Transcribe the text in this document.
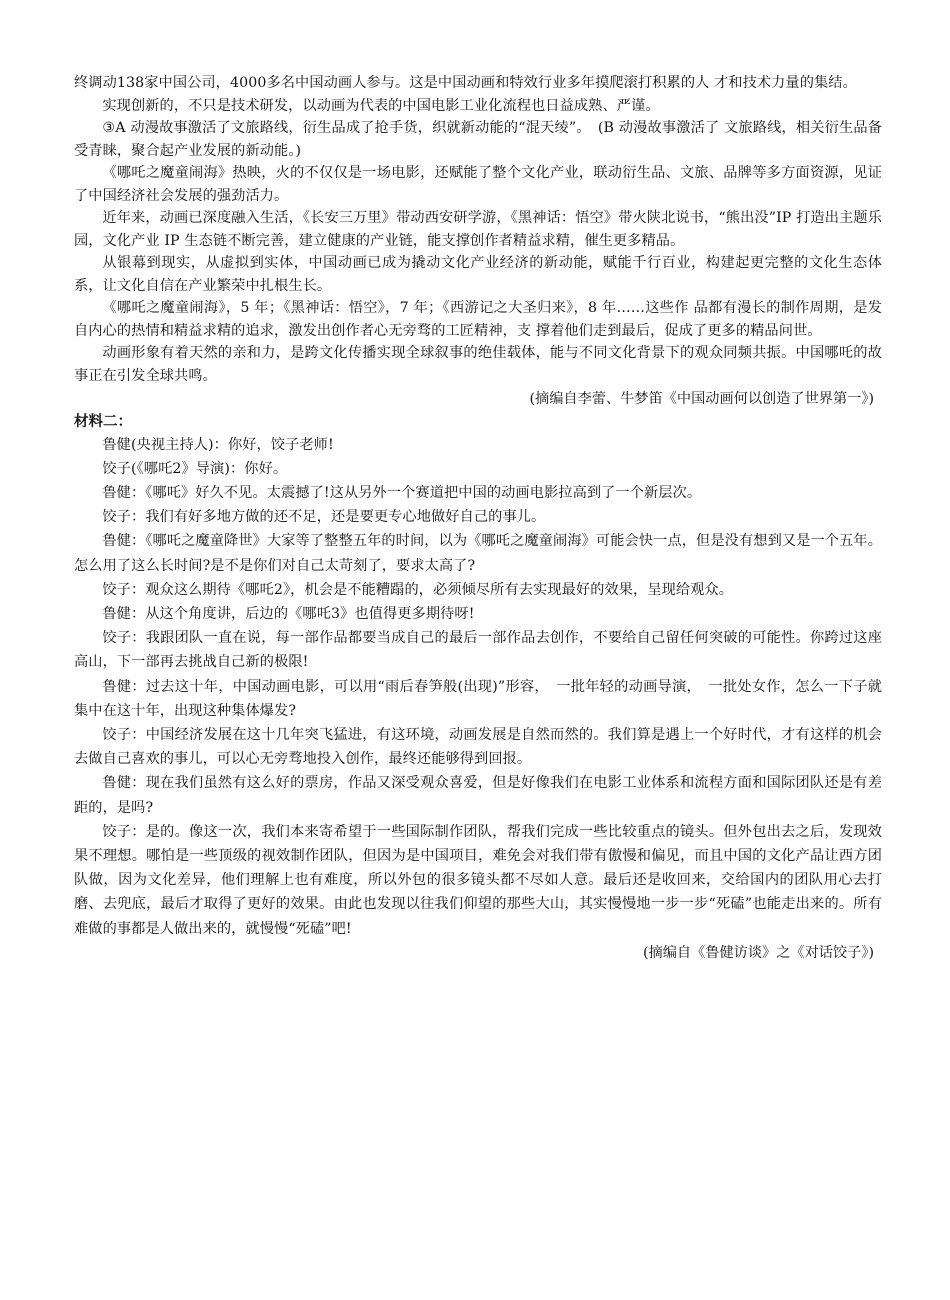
终调动138家中国公司，4000多名中国动画人参与。这是中国动画和特效行业多年摸爬滚打积累的人 才和技术力量的集结。

实现创新的，不只是技术研发，以动画为代表的中国电影工业化流程也日益成熟、严谨。

③A 动漫故事激活了文旅路线，衍生品成了抢手货，织就新动能的“混天绫”。　(B 动漫故事激活了 文旅路线，相关衍生品备受青睐，聚合起产业发展的新动能。)

《哪吒之魔童闹海》热映，火的不仅仅是一场电影，还赋能了整个文化产业，联动衍生品、文旅、品牌等多方面资源，见证了中国经济社会发展的强劲活力。

近年来，动画已深度融入生活，《长安三万里》带动西安研学游，《黑神话：悟空》带火陕北说书，“熊出没”IP 打造出主题乐园，文化产业 IP 生态链不断完善，建立健康的产业链，能支撑创作者精益求精，催生更多精品。

从银幕到现实，从虚拟到实体，中国动画已成为撬动文化产业经济的新动能，赋能千行百业，构建起更完整的文化生态体系，让文化自信在产业繁荣中扎根生长。

《哪吒之魔童闹海》，5 年；《黑神话：悟空》，7 年；《西游记之大圣归来》，8 年……这些作 品都有漫长的制作周期，是发自内心的热情和精益求精的追求，激发出创作者心无旁骛的工匠精神，支 撑着他们走到最后，促成了更多的精品问世。

动画形象有着天然的亲和力，是跨文化传播实现全球叙事的绝佳载体，能与不同文化背景下的观众同频共振。中国哪吒的故事正在引发全球共鸣。

(摘编自李蕾、牛梦笛《中国动画何以创造了世界第一》)

材料二：

鲁健(央视主持人)：你好，饺子老师!

饺子(《哪吒2》导演)：你好。

鲁健：《哪吒》好久不见。太震撼了!这从另外一个赛道把中国的动画电影拉高到了一个新层次。

饺子：我们有好多地方做的还不足，还是要更专心地做好自己的事儿。

鲁健：《哪吒之魔童降世》大家等了整整五年的时间，以为《哪吒之魔童闹海》可能会快一点，但是没有想到又是一个五年。怎么用了这么长时间?是不是你们对自己太苛刻了，要求太高了?

饺子：观众这么期待《哪吒2》，机会是不能糟蹋的，必须倾尽所有去实现最好的效果，呈现给观众。

鲁健：从这个角度讲，后边的《哪吒3》也值得更多期待呀!

饺子：我跟团队一直在说，每一部作品都要当成自己的最后一部作品去创作，不要给自己留任何突破的可能性。你跨过这座高山，下一部再去挑战自己新的极限!

鲁健：过去这十年，中国动画电影，可以用“雨后春笋般(出现)”形容，　一批年轻的动画导演，　一批处女作，怎么一下子就集中在这十年，出现这种集体爆发?

饺子：中国经济发展在这十几年突飞猛进，有这环境，动画发展是自然而然的。我们算是遇上一个好时代，才有这样的机会去做自己喜欢的事儿，可以心无旁骛地投入创作，最终还能够得到回报。

鲁健：现在我们虽然有这么好的票房，作品又深受观众喜爱，但是好像我们在电影工业体系和流程方面和国际团队还是有差距的，是吗?

饺子：是的。像这一次，我们本来寄希望于一些国际制作团队，帮我们完成一些比较重点的镜头。但外包出去之后，发现效果不理想。哪怕是一些顶级的视效制作团队，但因为是中国项目，难免会对我们带有傲慢和偏见，而且中国的文化产品让西方团队做，因为文化差异，他们理解上也有难度，所以外包的很多镜头都不尽如人意。最后还是收回来，交给国内的团队用心去打磨、去兜底，最后才取得了更好的效果。由此也发现以往我们仰望的那些大山，其实慢慢地一步一步“死磕”也能走出来的。所有难做的事都是人做出来的，就慢慢“死磕”吧!

(摘编自《鲁健访谈》之《对话饺子》)
